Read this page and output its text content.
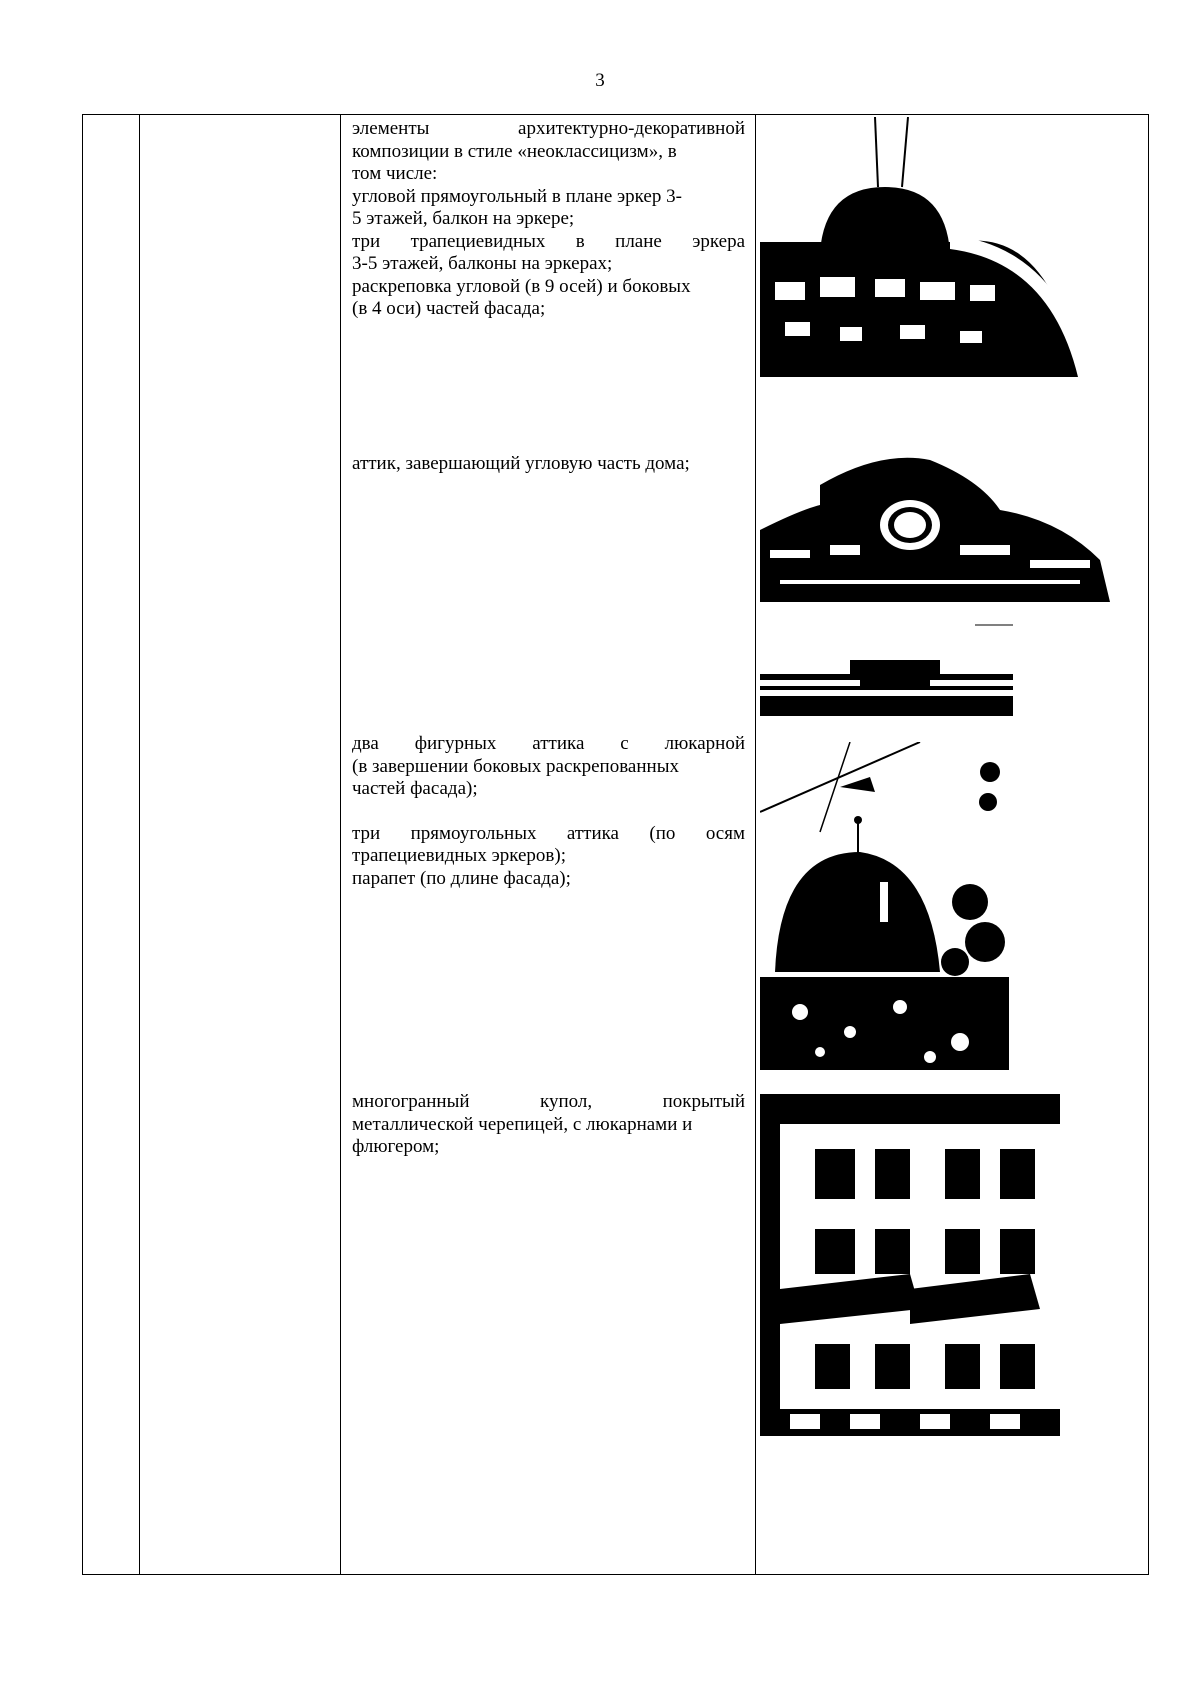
3

элементы архитектурно-декоративной

композиции в стиле «неоклассицизм», в

том числе:

угловой прямоугольный в плане эркер 3-

5 этажей, балкон на эркере;

три трапециевидных в плане эркера

3-5 этажей, балконы на эркерах;

раскреповка угловой (в 9 осей) и боковых

(в 4 оси) частей фасада;

аттик, завершающий угловую часть дома;

два фигурных аттика с люкарной

(в завершении боковых раскрепованных

частей фасада);

три прямоугольных аттика (по осям

трапециевидных эркеров);

парапет (по длине фасада);

многогранный купол, покрытый

металлической черепицей, с люкарнами и

флюгером;
